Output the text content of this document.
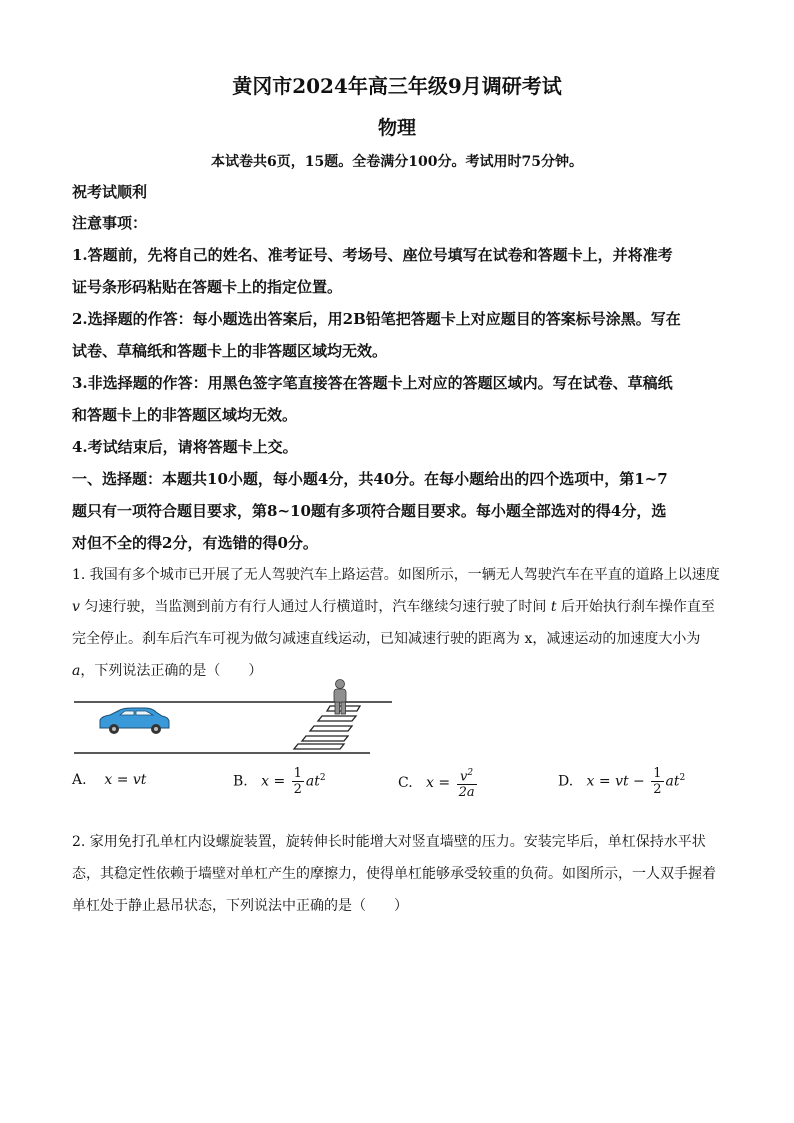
黄冈市2024年高三年级9月调研考试
物理
本试卷共6页，15题。全卷满分100分。考试用时75分钟。
祝考试顺利
注意事项：
1.答题前，先将自己的姓名、准考证号、考场号、座位号填写在试卷和答题卡上，并将准考
证号条形码粘贴在答题卡上的指定位置。
2.选择题的作答：每小题选出答案后，用2B铅笔把答题卡上对应题目的答案标号涂黑。写在
试卷、草稿纸和答题卡上的非答题区域均无效。
3.非选择题的作答：用黑色签字笔直接答在答题卡上对应的答题区域内。写在试卷、草稿纸
和答题卡上的非答题区域均无效。
4.考试结束后，请将答题卡上交。
一、选择题：本题共10小题，每小题4分，共40分。在每小题给出的四个选项中，第1~7
题只有一项符合题目要求，第8~10题有多项符合题目要求。每小题全部选对的得4分，选
对但不全的得2分，有选错的得0分。
1. 我国有多个城市已开展了无人驾驶汽车上路运营。如图所示，一辆无人驾驶汽车在平直的道路上以速度
v 匀速行驶，当监测到前方有行人通过人行横道时，汽车继续匀速行驶了时间 t 后开始执行刹车操作直至
完全停止。刹车后汽车可视为做匀减速直线运动，已知减速行驶的距离为 x，减速运动的加速度大小为
a，下列说法正确的是（　　）
A. x = vt	B. $x = \frac{1}{2} at^2$	C. $x = \frac{v^2}{2a}$	D. x = vt − $\frac{1}{2} at^2$
2. 家用免打孔单杠内设螺旋装置，旋转伸长时能增大对竖直墙壁的压力。安装完毕后，单杠保持水平状
态，其稳定性依赖于墙壁对单杠产生的摩擦力，使得单杠能够承受较重的负荷。如图所示，一人双手握着
单杠处于静止悬吊状态，下列说法中正确的是（　　）
